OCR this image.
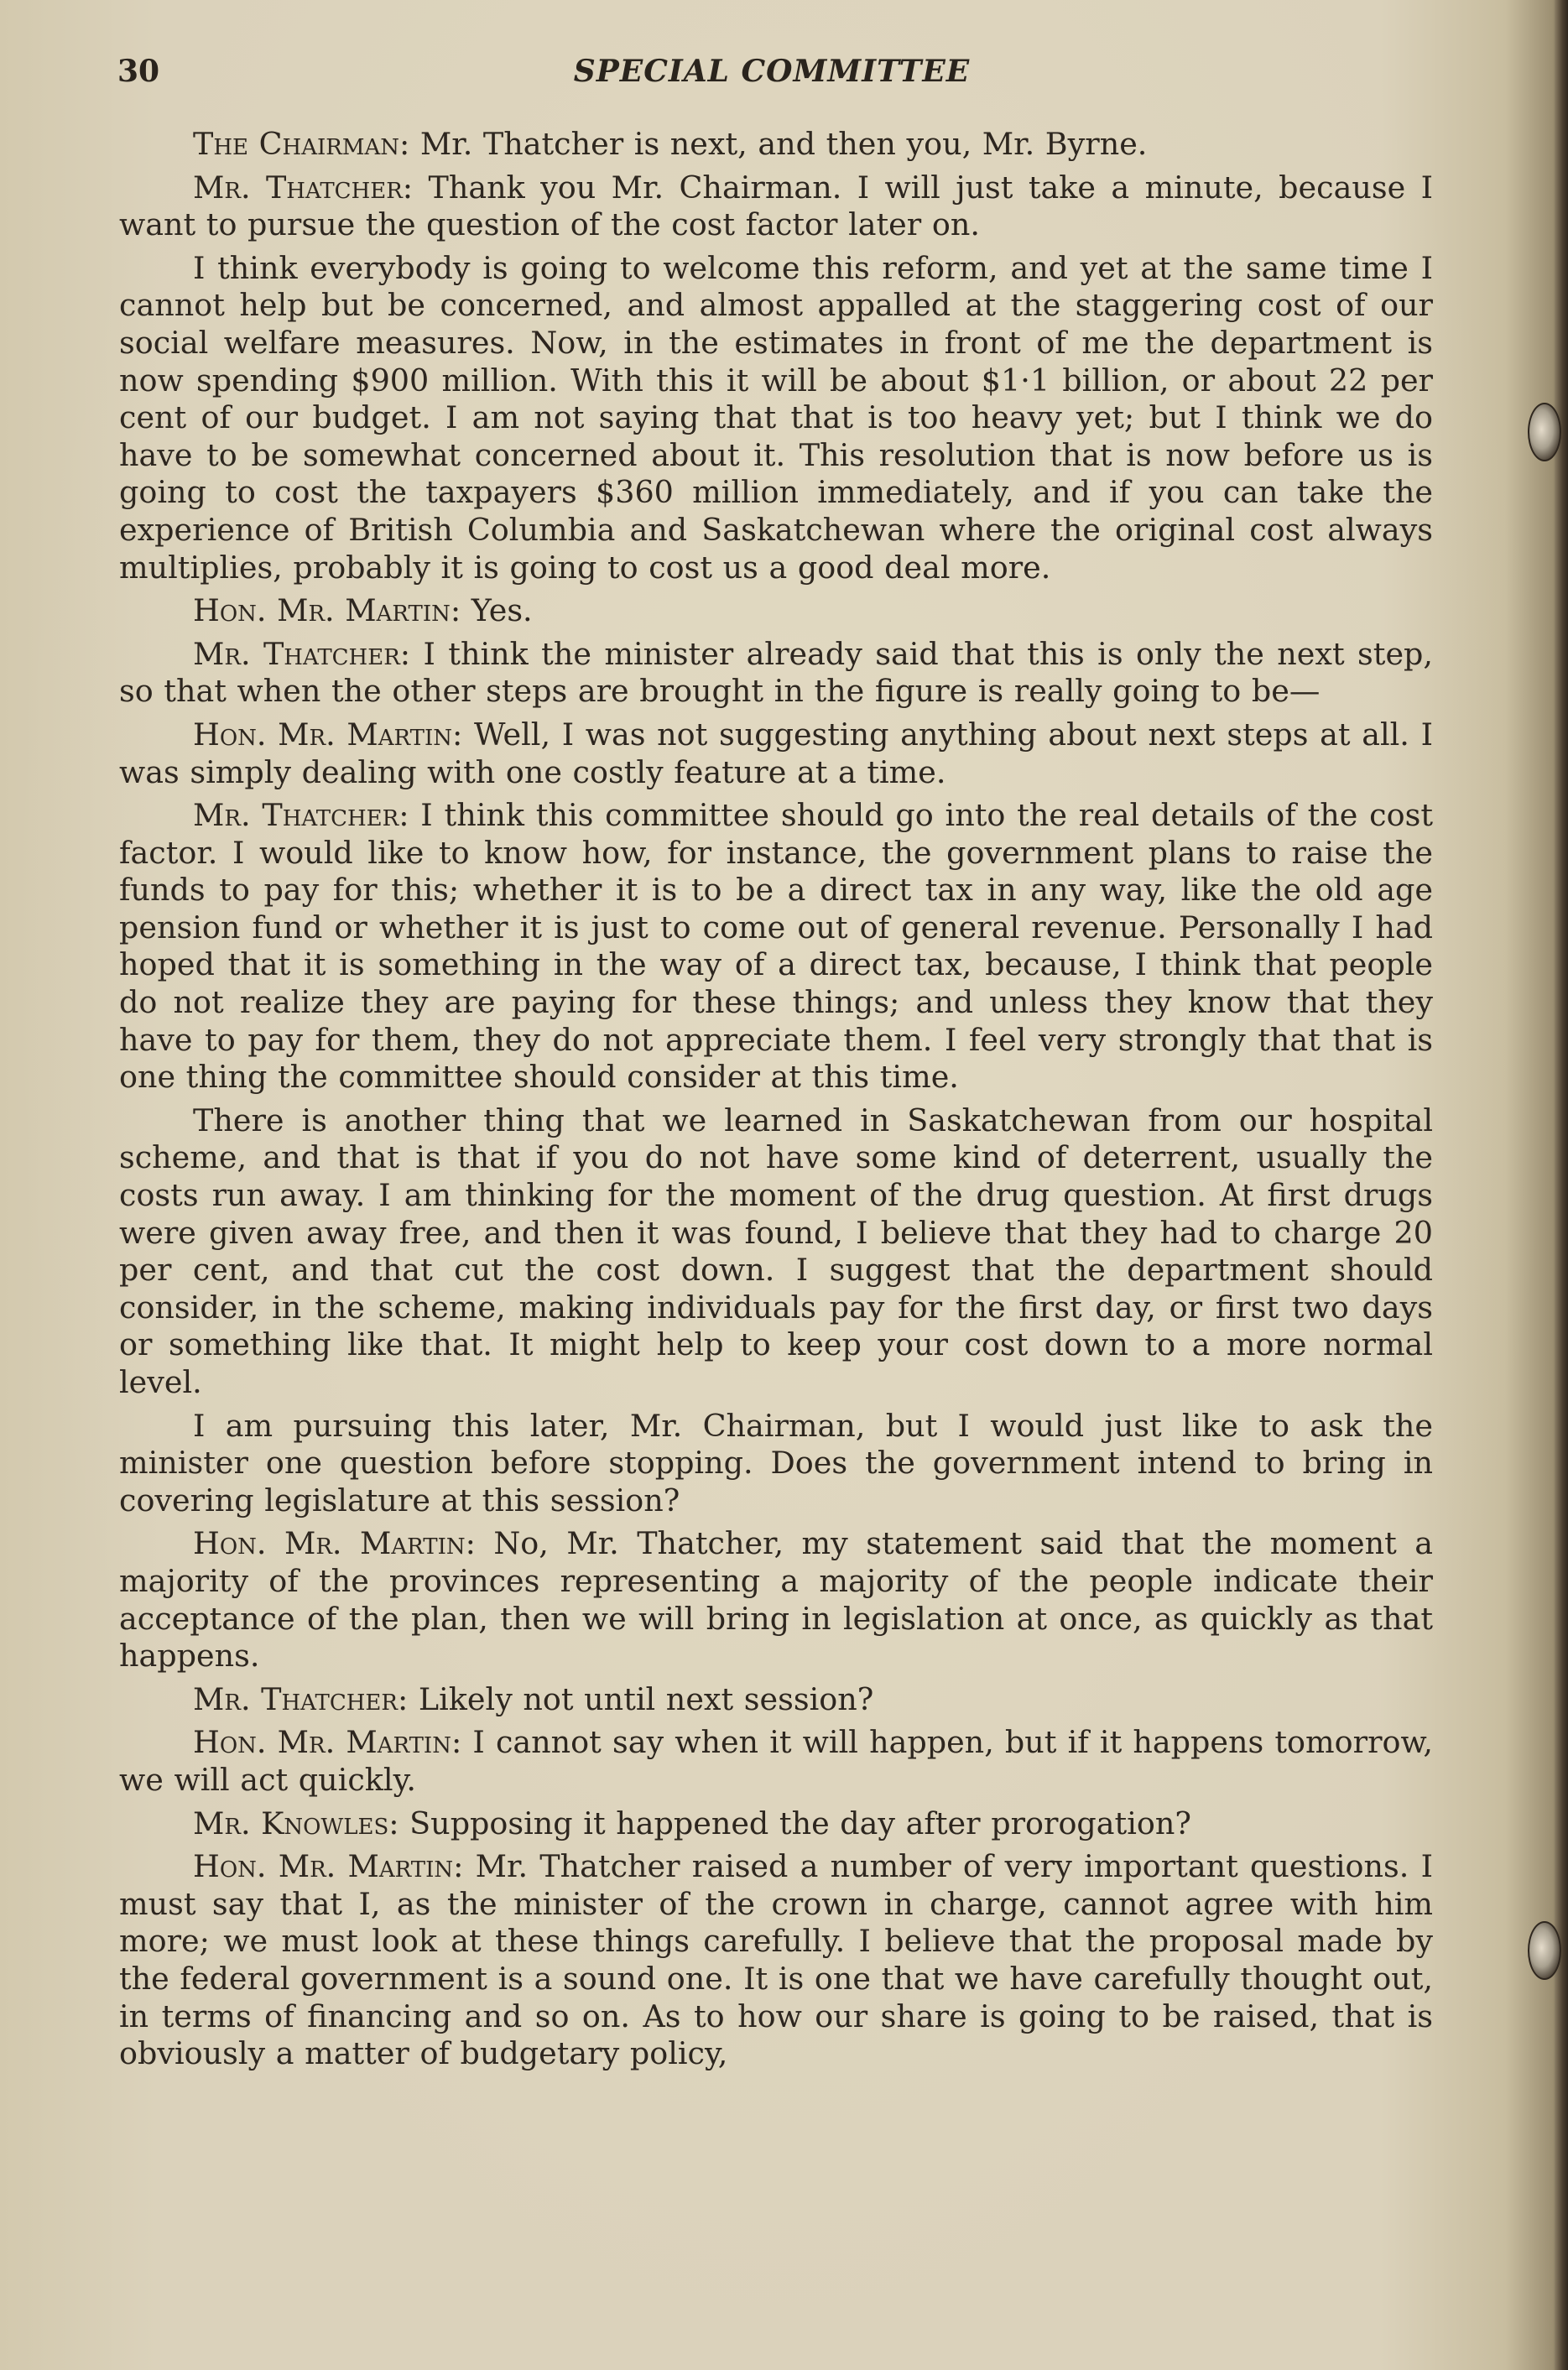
30	SPECIAL COMMITTEE

The Chairman: Mr. Thatcher is next, and then you, Mr. Byrne.

Mr. Thatcher: Thank you Mr. Chairman. I will just take a minute, because I want to pursue the question of the cost factor later on.

I think everybody is going to welcome this reform, and yet at the same time I cannot help but be concerned, and almost appalled at the staggering cost of our social welfare measures. Now, in the estimates in front of me the department is now spending $900 million. With this it will be about $1·1 billion, or about 22 per cent of our budget. I am not saying that that is too heavy yet; but I think we do have to be somewhat concerned about it. This resolution that is now before us is going to cost the taxpayers $360 million immediately, and if you can take the experience of British Columbia and Saskatchewan where the original cost always multiplies, probably it is going to cost us a good deal more.

Hon. Mr. Martin: Yes.

Mr. Thatcher: I think the minister already said that this is only the next step, so that when the other steps are brought in the figure is really going to be—

Hon. Mr. Martin: Well, I was not suggesting anything about next steps at all. I was simply dealing with one costly feature at a time.

Mr. Thatcher: I think this committee should go into the real details of the cost factor. I would like to know how, for instance, the government plans to raise the funds to pay for this; whether it is to be a direct tax in any way, like the old age pension fund or whether it is just to come out of general revenue. Personally I had hoped that it is something in the way of a direct tax, because, I think that people do not realize they are paying for these things; and unless they know that they have to pay for them, they do not appreciate them. I feel very strongly that that is one thing the committee should consider at this time.

There is another thing that we learned in Saskatchewan from our hospital scheme, and that is that if you do not have some kind of deterrent, usually the costs run away. I am thinking for the moment of the drug question. At first drugs were given away free, and then it was found, I believe that they had to charge 20 per cent, and that cut the cost down. I suggest that the department should consider, in the scheme, making individuals pay for the first day, or first two days or something like that. It might help to keep your cost down to a more normal level.

I am pursuing this later, Mr. Chairman, but I would just like to ask the minister one question before stopping. Does the government intend to bring in covering legislature at this session?

Hon. Mr. Martin: No, Mr. Thatcher, my statement said that the moment a majority of the provinces representing a majority of the people indicate their acceptance of the plan, then we will bring in legislation at once, as quickly as that happens.

Mr. Thatcher: Likely not until next session?

Hon. Mr. Martin: I cannot say when it will happen, but if it happens tomorrow, we will act quickly.

Mr. Knowles: Supposing it happened the day after prorogation?

Hon. Mr. Martin: Mr. Thatcher raised a number of very important questions. I must say that I, as the minister of the crown in charge, cannot agree with him more; we must look at these things carefully. I believe that the proposal made by the federal government is a sound one. It is one that we have carefully thought out, in terms of financing and so on. As to how our share is going to be raised, that is obviously a matter of budgetary policy,
